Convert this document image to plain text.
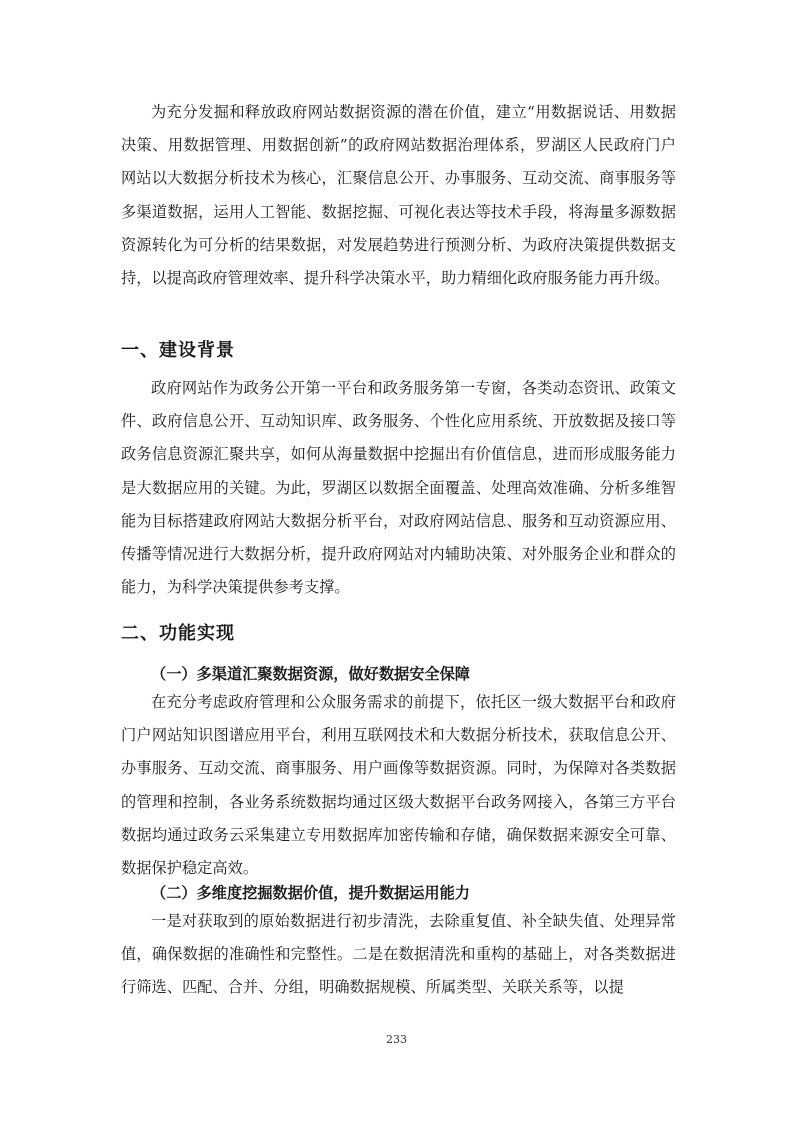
为充分发掘和释放政府网站数据资源的潜在价值，建立“用数据说话、用数据决策、用数据管理、用数据创新”的政府网站数据治理体系，罗湖区人民政府门户网站以大数据分析技术为核心，汇聚信息公开、办事服务、互动交流、商事服务等多渠道数据，运用人工智能、数据挖掘、可视化表达等技术手段，将海量多源数据资源转化为可分析的结果数据，对发展趋势进行预测分析、为政府决策提供数据支持，以提高政府管理效率、提升科学决策水平，助力精细化政府服务能力再升级。

一、建设背景

政府网站作为政务公开第一平台和政务服务第一专窗，各类动态资讯、政策文件、政府信息公开、互动知识库、政务服务、个性化应用系统、开放数据及接口等政务信息资源汇聚共享，如何从海量数据中挖掘出有价值信息，进而形成服务能力是大数据应用的关键。为此，罗湖区以数据全面覆盖、处理高效准确、分析多维智能为目标搭建政府网站大数据分析平台，对政府网站信息、服务和互动资源应用、传播等情况进行大数据分析，提升政府网站对内辅助决策、对外服务企业和群众的能力，为科学决策提供参考支撑。

二、功能实现
（一）多渠道汇聚数据资源，做好数据安全保障

在充分考虑政府管理和公众服务需求的前提下，依托区一级大数据平台和政府门户网站知识图谱应用平台，利用互联网技术和大数据分析技术，获取信息公开、办事服务、互动交流、商事服务、用户画像等数据资源。同时，为保障对各类数据的管理和控制，各业务系统数据均通过区级大数据平台政务网接入，各第三方平台数据均通过政务云采集建立专用数据库加密传输和存储，确保数据来源安全可靠、数据保护稳定高效。

（二）多维度挖掘数据价值，提升数据运用能力

一是对获取到的原始数据进行初步清洗，去除重复值、补全缺失值、处理异常值，确保数据的准确性和完整性。二是在数据清洗和重构的基础上，对各类数据进行筛选、匹配、合并、分组，明确数据规模、所属类型、关联关系等，以提

233
